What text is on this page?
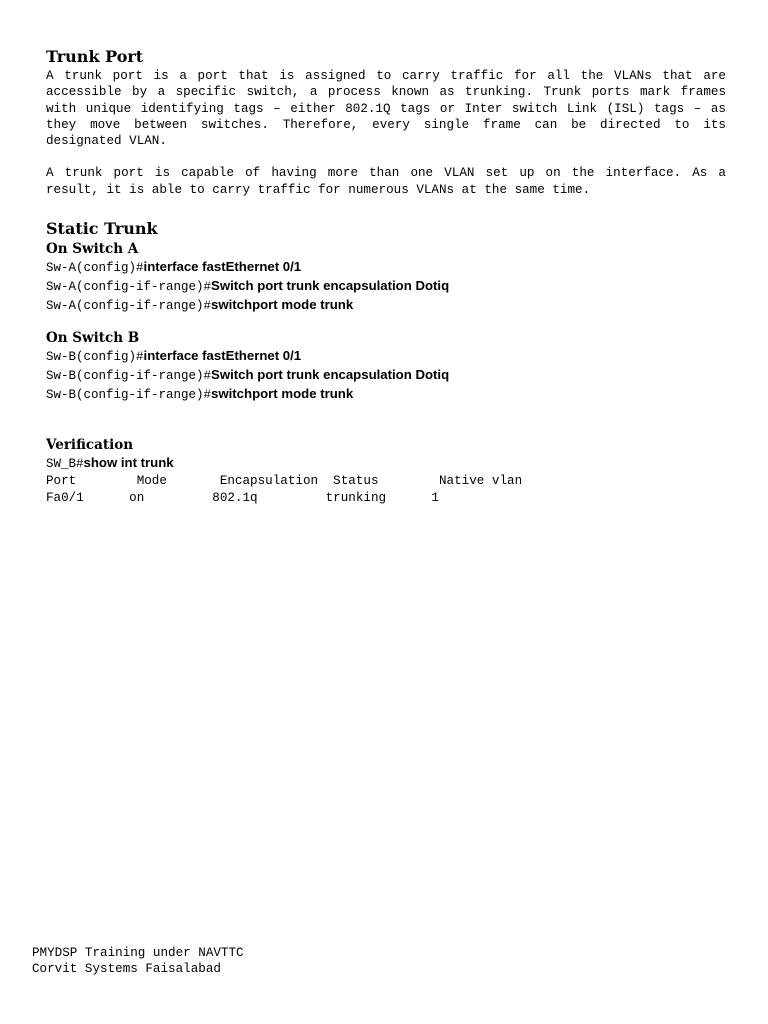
Trunk Port

A trunk port is a port that is assigned to carry traffic for all the VLANs that are accessible by a specific switch, a process known as trunking. Trunk ports mark frames with unique identifying tags – either 802.1Q tags or Inter switch Link (ISL) tags – as they move between switches. Therefore, every single frame can be directed to its designated VLAN.

A trunk port is capable of having more than one VLAN set up on the interface. As a result, it is able to carry traffic for numerous VLANs at the same time.

Static Trunk
On Switch A
Sw-A(config)#interface fastEthernet 0/1
Sw-A(config-if-range)#Switch port trunk encapsulation Dotiq
Sw-A(config-if-range)#switchport mode trunk
On Switch B
Sw-B(config)#interface fastEthernet 0/1
Sw-B(config-if-range)#Switch port trunk encapsulation Dotiq
Sw-B(config-if-range)#switchport mode trunk
Verification
SW_B#show int trunk
Port        Mode       Encapsulation  Status        Native vlan
Fa0/1      on         802.1q         trunking      1
PMYDSP Training under NAVTTC
Corvit Systems Faisalabad
